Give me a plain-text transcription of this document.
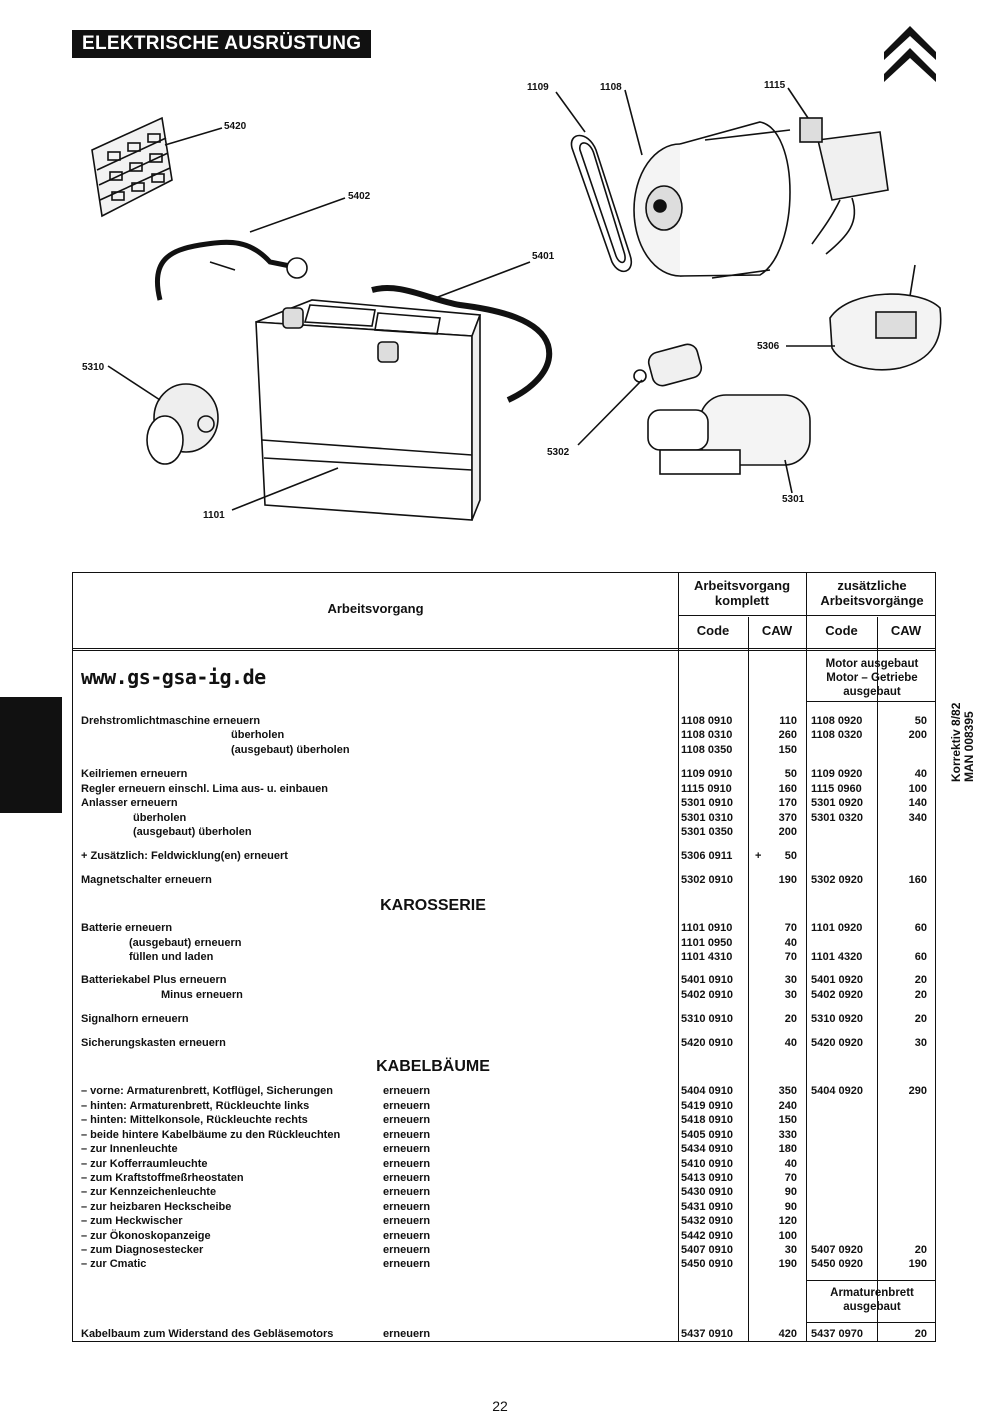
ELEKTRISCHE AUSRÜSTUNG
5420
5402
5401
1109	1108	1115
5306
5310
5302
5301
1101
Korrektiv 8/82
MAN 008395
Arbeitsvorgang
Arbeitsvorgang komplett
zusätzliche Arbeitsvorgänge
Code	CAW	Code	CAW
www.gs-gsa-ig.de
Motor ausgebaut Motor – Getriebe ausgebaut
Armaturenbrett ausgebaut
KAROSSERIE
KABELBÄUME
Drehstromlichtmaschine erneuern	1108 0910	110 1108 0920	50
überholen	1108 0310	260 1108 0320	200
(ausgebaut) überholen	1108 0350	150
Keilriemen erneuern	1109 0910	50 1109 0920	40
Regler erneuern einschl. Lima aus- u. einbauen	1115 0910	160 1115 0960	100
Anlasser erneuern	5301 0910	170 5301 0920	140
überholen	5301 0310	370 5301 0320	340
(ausgebaut) überholen	5301 0350	200
+ Zusätzlich: Feldwicklung(en) erneuert	5306 0911 + 50
Magnetschalter erneuern	5302 0910	190 5302 0920	160
Batterie erneuern	1101 0910	70 1101 0920	60
(ausgebaut) erneuern	1101 0950	40
füllen und laden	1101 4310	70 1101 4320	60
Batteriekabel Plus erneuern	5401 0910	30 5401 0920	20
Minus erneuern	5402 0910	30 5402 0920	20
Signalhorn erneuern	5310 0910	20 5310 0920	20
Sicherungskasten erneuern	5420 0910	40 5420 0920	30
– vorne: Armaturenbrett, Kotflügel, Sicherungen	erneuern	5404 0910	350 5404 0920	290
– hinten: Armaturenbrett, Rückleuchte links	erneuern	5419 0910	240
– hinten: Mittelkonsole, Rückleuchte rechts	erneuern	5418 0910	150
– beide hintere Kabelbäume zu den Rückleuchten	erneuern	5405 0910	330
– zur Innenleuchte	erneuern	5434 0910	180
– zur Kofferraumleuchte	erneuern	5410 0910	40
– zum Kraftstoffmeßrheostaten	erneuern	5413 0910	70
– zur Kennzeichenleuchte	erneuern	5430 0910	90
– zur heizbaren Heckscheibe	erneuern	5431 0910	90
– zum Heckwischer	erneuern	5432 0910	120
– zur Ökonoskopanzeige	erneuern	5442 0910	100
– zum Diagnosestecker	erneuern	5407 0910	30 5407 0920	20
– zur Cmatic	erneuern	5450 0910	190 5450 0920	190
Kabelbaum zum Widerstand des Gebläsemotors	erneuern	5437 0910	420 5437 0970	20
22
